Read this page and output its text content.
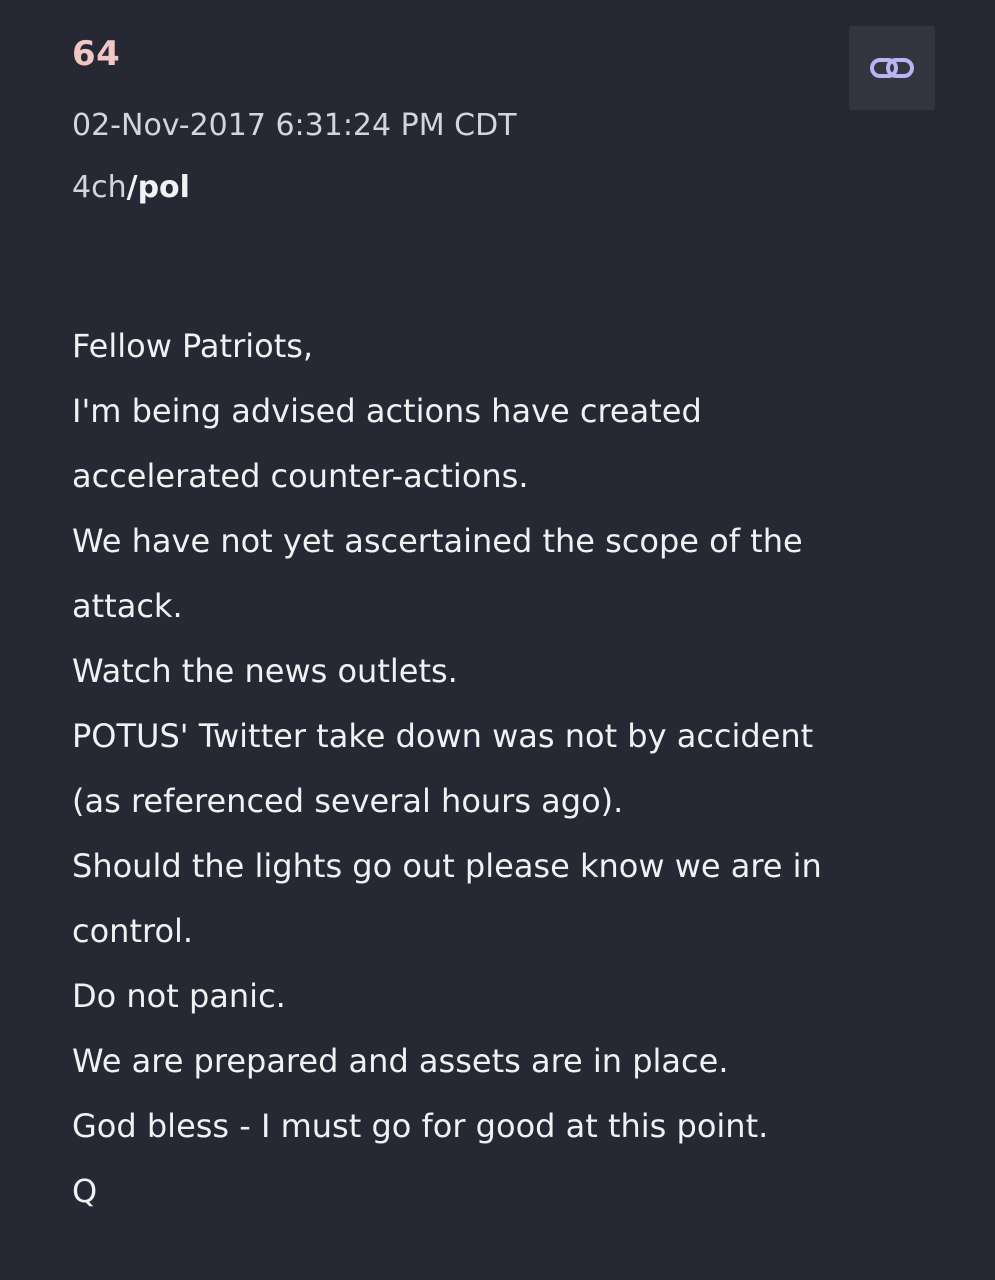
64
02-Nov-2017 6:31:24 PM CDT
4ch/pol
Fellow Patriots,
I'm being advised actions have created
accelerated counter-actions.
We have not yet ascertained the scope of the
attack.
Watch the news outlets.
POTUS' Twitter take down was not by accident
(as referenced several hours ago).
Should the lights go out please know we are in
control.
Do not panic.
We are prepared and assets are in place.
God bless - I must go for good at this point.
Q
